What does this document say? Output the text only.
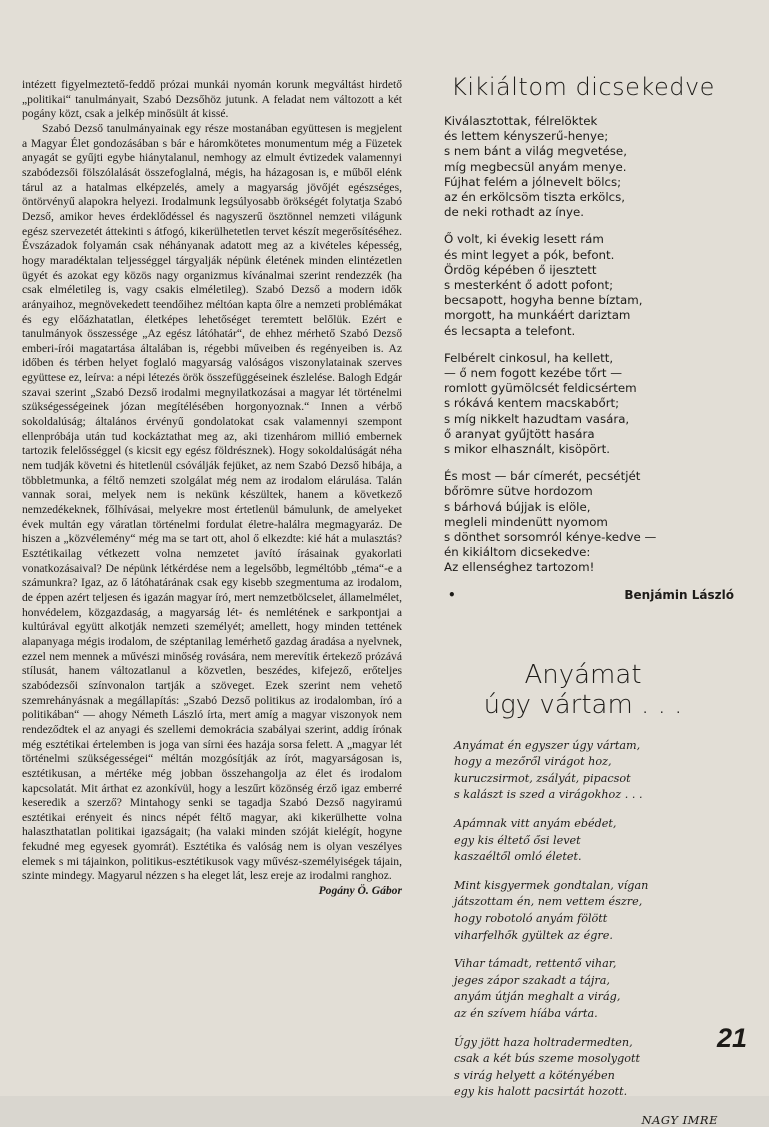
intézett figyelmeztető-feddő prózai munkái nyomán korunk megváltást hirdető „politikai“ tanulmányait, Szabó Dezsőhöz jutunk. A feladat nem változott a két pogány közt, csak a jelkép minősült át kissé.

Szabó Dezső tanulmányainak egy része mostanában együttesen is megjelent a Magyar Élet gondozásában s bár e háromkötetes monumentum még a Füzetek anyagát se gyűjti egybe hiánytalanul, nemhogy az elmult évtizedek valamennyi szabódezsői fölszólalását összefoglalná, mégis, ha házagosan is, e műből elénk tárul az a hatalmas elképzelés, amely a magyarság jövőjét egészséges, öntörvényű alapokra helyezi. Irodalmunk legsúlyosabb örökségét folytatja Szabó Dezső, amikor heves érdeklődéssel és nagyszerű ösztönnel nemzeti világunk egész szervezetét áttekinti s átfogó, kikerülhetetlen tervet készít megerősítéséhez. Évszázadok folyamán csak néhányanak adatott meg az a kivételes képesség, hogy maradéktalan teljességgel tárgyalják népünk életének minden elintézetlen ügyét és azokat egy közös nagy organizmus kívánalmai szerint rendezzék (ha csak elméletileg is, vagy csakis elméletileg). Szabó Dezső a modern idők arányaihoz, megnövekedett teendőihez méltóan kapta őlre a nemzeti problémákat és egy előázhatatlan, életképes lehetőséget teremtett belőlük. Ezért e tanulmányok összessége „Az egész látóhatár“, de ehhez mérhető Szabó Dezső emberi-írói magatartása általában is, régebbi műveiben és regényeiben is. Az időben és térben helyet foglaló magyarság valóságos viszonylatainak szerves együttese ez, leírva: a népi létezés örök összefüggéseinek észlelése. Balogh Edgár szavai szerint „Szabó Dezső irodalmi megnyilatkozásai a magyar lét történelmi szükségességeinek józan megítélésében horgonyoznak.“ Innen a vérbő sokoldalúság; általános érvényű gondolatokat csak valamennyi szempont ellenpróbája után tud kockáztathat meg az, aki tizenhárom millió embernek tartozik felelősséggel (s kicsit egy egész földrésznek). Hogy sokoldalúságát néha nem tudják követni és hitetlenül csóválják fejüket, az nem Szabó Dezső hibája, a többletmunka, a féltő nemzeti szolgálat még nem az irodalom elárulása. Talán vannak sorai, melyek nem is nekünk készültek, hanem a következő nemzedékeknek, főlhívásai, melyekre most értetlenül bámulunk, de amelyeket évek multán egy váratlan történelmi fordulat életre-halálra megmagyaráz. De hiszen a „közvélemény“ még ma se tart ott, ahol ő elkezdte: kié hát a mulasztás? Esztétikailag vétkezett volna nemzetet javító írásainak gyakorlati vonatkozásaival? De népünk létkérdése nem a legelsőbb, legméltóbb „téma“-e a számunkra? Igaz, az ő látóhatárának csak egy kisebb szegmentuma az irodalom, de éppen azért teljesen és igazán magyar író, mert nemzetbölcselet, államelmélet, honvédelem, közgazdaság, a magyarság lét- és nemlétének e sarkpontjai a kultúrával együtt alkotják nemzeti személyét; amellett, hogy minden tettének alapanyaga mégis irodalom, de széptanilag lemérhető gazdag áradása a nyelvnek, ezzel nem mennek a művészi minőség rovására, nem merevítik értekező prózává stílusát, hanem változatlanul a közvetlen, beszédes, kifejező, erőteljes szabódezsői színvonalon tartják a szöveget. Ezek szerint nem vehető szemrehányásnak a megállapítás: „Szabó Dezső politikus az irodalomban, író a politikában“ — ahogy Németh László írta, mert amíg a magyar viszonyok nem rendeződtek el az anyagi és szellemi demokrácia szabályai szerint, addig írónak még esztétikai értelemben is joga van sírni ées hazája sorsa felett. A „magyar lét történelmi szükségességei“ méltán mozgósítják az írót, magyarságosan is, esztétikusan, a mértéke még jobban összehangolja az élet és irodalom kapcsolatát. Mit árthat ez azonkívül, hogy a leszűrt közönség érző igaz emberré keseredik a szerző? Mintahogy senki se tagadja Szabó Dezső nagyiramú esztétikai erényeit és nincs népét féltő magyar, aki kikerülhette volna halaszthatatlan politikai igazságait; (ha valaki minden szóját kielégít, hogyne fekudné meg egyesek gyomrát). Esztétika és valóság nem is olyan veszélyes elemek s mi tájainkon, politikus-esztétikusok vagy művész-személyiségek tájain, szinte mindegy. Magyarul nézzen s ha eleget lát, lesz ereje az irodalmi ranghoz.

Pogány Ö. Gábor
Kikiáltom dicsekedve
Kiválasztottak, félrelöktek
és lettem kényszerű-henye;
s nem bánt a világ megvetése,
míg megbecsül anyám menye.
Fújhat felém a jólnevelt bölcs;
az én erkölcsöm tiszta erkölcs,
de neki rothadt az ínye.
Ő volt, ki évekig lesett rám
és mint legyet a pók, befont.
Ördög képében ő ijesztett
s mesterként ő adott pofont;
becsapott, hogyha benne bíztam,
morgott, ha munkáért dariztam
és lecsapta a telefont.
Felbérelt cinkosul, ha kellett,
— ő nem fogott kezébe tőrt —
romlott gyümölcsét feldicsértem
s rókává kentem macskabőrt;
s míg nikkelt hazudtam vasára,
ő aranyat gyűjtött hasára
s mikor elhasznált, kisöpört.
És most — bár címerét, pecsétjét
bőrömre sütve hordozom
s bárhová bújjak is elöle,
megleli mindenütt nyomom
s dönthet sorsomról kénye-kedve —
én kikiáltom dicsekedve:
Az ellenséghez tartozom!
•	Benjámin László
Anyámat
úgy vártam . . .
Anyámat én egyszer úgy vártam,
hogy a mezőről virágot hoz,
kuruczsirmot, zsályát, pipacsot
s kalászt is szed a virágokhoz . . .
Apámnak vitt anyám ebédet,
egy kis éltető ősi levet
kaszaéltől omló életet.
Mint kisgyermek gondtalan, vígan
játszottam én, nem vettem észre,
hogy robotoló anyám fölött
viharfelhők gyültek az égre.
Vihar támadt, rettentő vihar,
jeges zápor szakadt a tájra,
anyám útján meghalt a virág,
az én szívem híába várta.
Úgy jött haza holtradermedten,
csak a két bús szeme mosolygott
s virág helyett a kötényében
egy kis halott pacsirtát hozott.
NAGY IMRE
21
